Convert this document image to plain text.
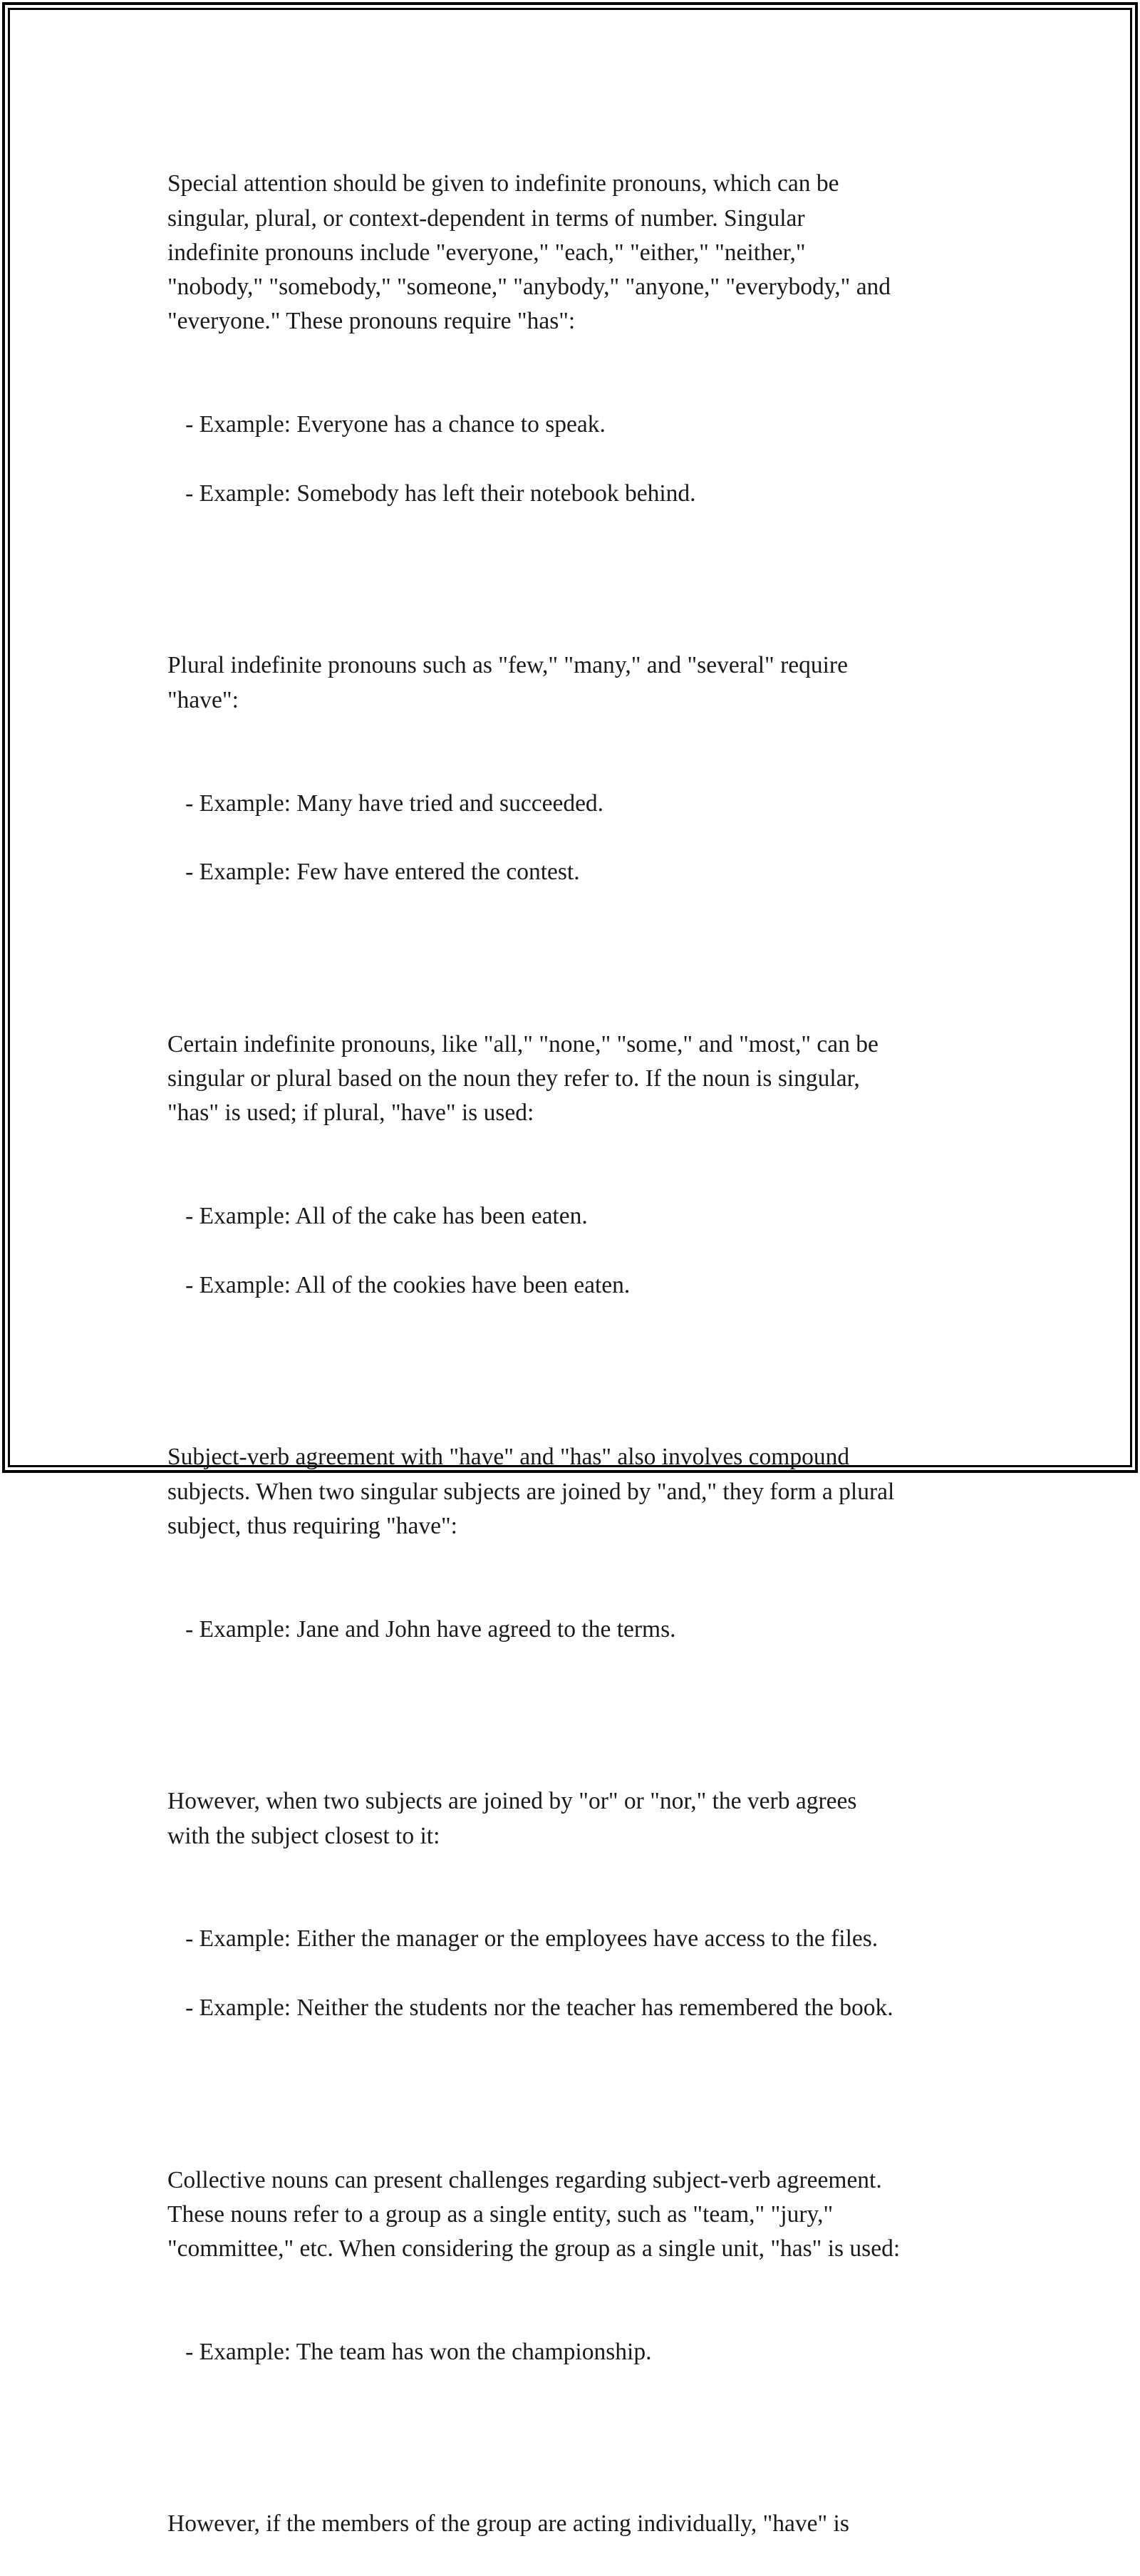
Special attention should be given to indefinite pronouns, which can be
singular, plural, or context-dependent in terms of number. Singular
indefinite pronouns include "everyone," "each," "either," "neither,"
"nobody," "somebody," "someone," "anybody," "anyone," "everybody," and
"everyone." These pronouns require "has":

- Example: Everyone has a chance to speak.

- Example: Somebody has left their notebook behind.

Plural indefinite pronouns such as "few," "many," and "several" require
"have":

- Example: Many have tried and succeeded.

- Example: Few have entered the contest.

Certain indefinite pronouns, like "all," "none," "some," and "most," can be
singular or plural based on the noun they refer to. If the noun is singular,
"has" is used; if plural, "have" is used:

- Example: All of the cake has been eaten.

- Example: All of the cookies have been eaten.

Subject-verb agreement with "have" and "has" also involves compound
subjects. When two singular subjects are joined by "and," they form a plural
subject, thus requiring "have":

- Example: Jane and John have agreed to the terms.

However, when two subjects are joined by "or" or "nor," the verb agrees
with the subject closest to it:

- Example: Either the manager or the employees have access to the files.

- Example: Neither the students nor the teacher has remembered the book.

Collective nouns can present challenges regarding subject-verb agreement.
These nouns refer to a group as a single entity, such as "team," "jury,"
"committee," etc. When considering the group as a single unit, "has" is used:

- Example: The team has won the championship.

However, if the members of the group are acting individually, "have" is
